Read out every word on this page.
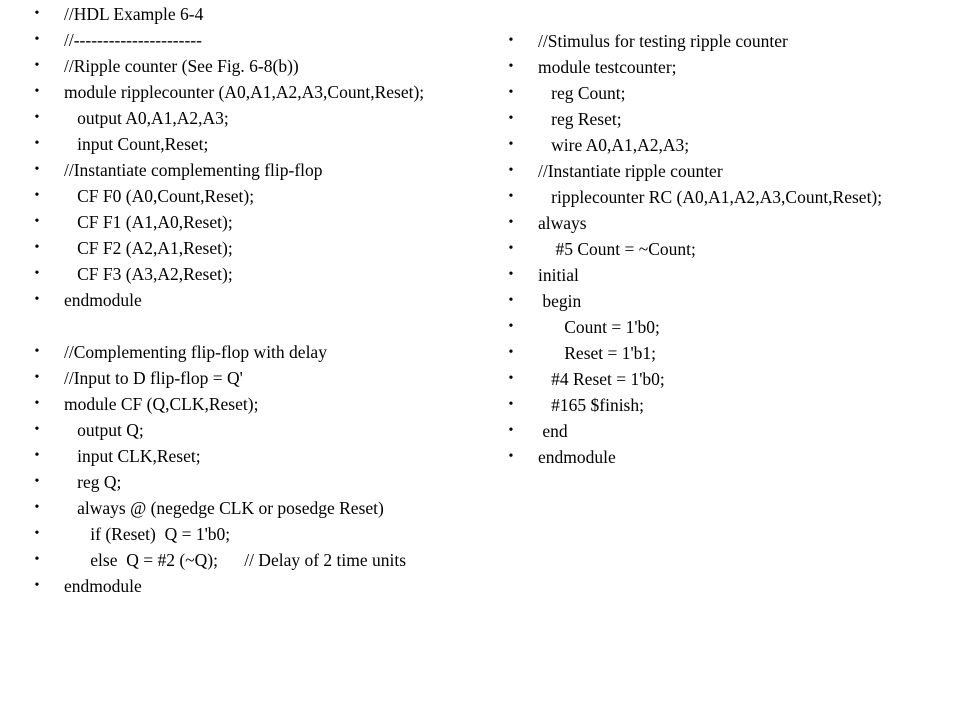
• //HDL Example 6-4
• //----------------------
• //Ripple counter (See Fig. 6-8(b))
• module ripplecounter (A0,A1,A2,A3,Count,Reset);
• output A0,A1,A2,A3;
• input Count,Reset;
• //Instantiate complementing flip-flop
• CF F0 (A0,Count,Reset);
• CF F1 (A1,A0,Reset);
• CF F2 (A2,A1,Reset);
• CF F3 (A3,A2,Reset);
• endmodule
• //Complementing flip-flop with delay
• //Input to D flip-flop = Q'
• module CF (Q,CLK,Reset);
• output Q;
• input CLK,Reset;
• reg Q;
• always @ (negedge CLK or posedge Reset)
• if (Reset)  Q = 1'b0;
• else  Q = #2 (~Q);      // Delay of 2 time units
• endmodule
• //Stimulus for testing ripple counter
• module testcounter;
• reg Count;
• reg Reset;
• wire A0,A1,A2,A3;
• //Instantiate ripple counter
• ripplecounter RC (A0,A1,A2,A3,Count,Reset);
• always
• #5 Count = ~Count;
• initial
• begin
• Count = 1'b0;
• Reset = 1'b1;
• #4 Reset = 1'b0;
• #165 $finish;
• end
• endmodule
